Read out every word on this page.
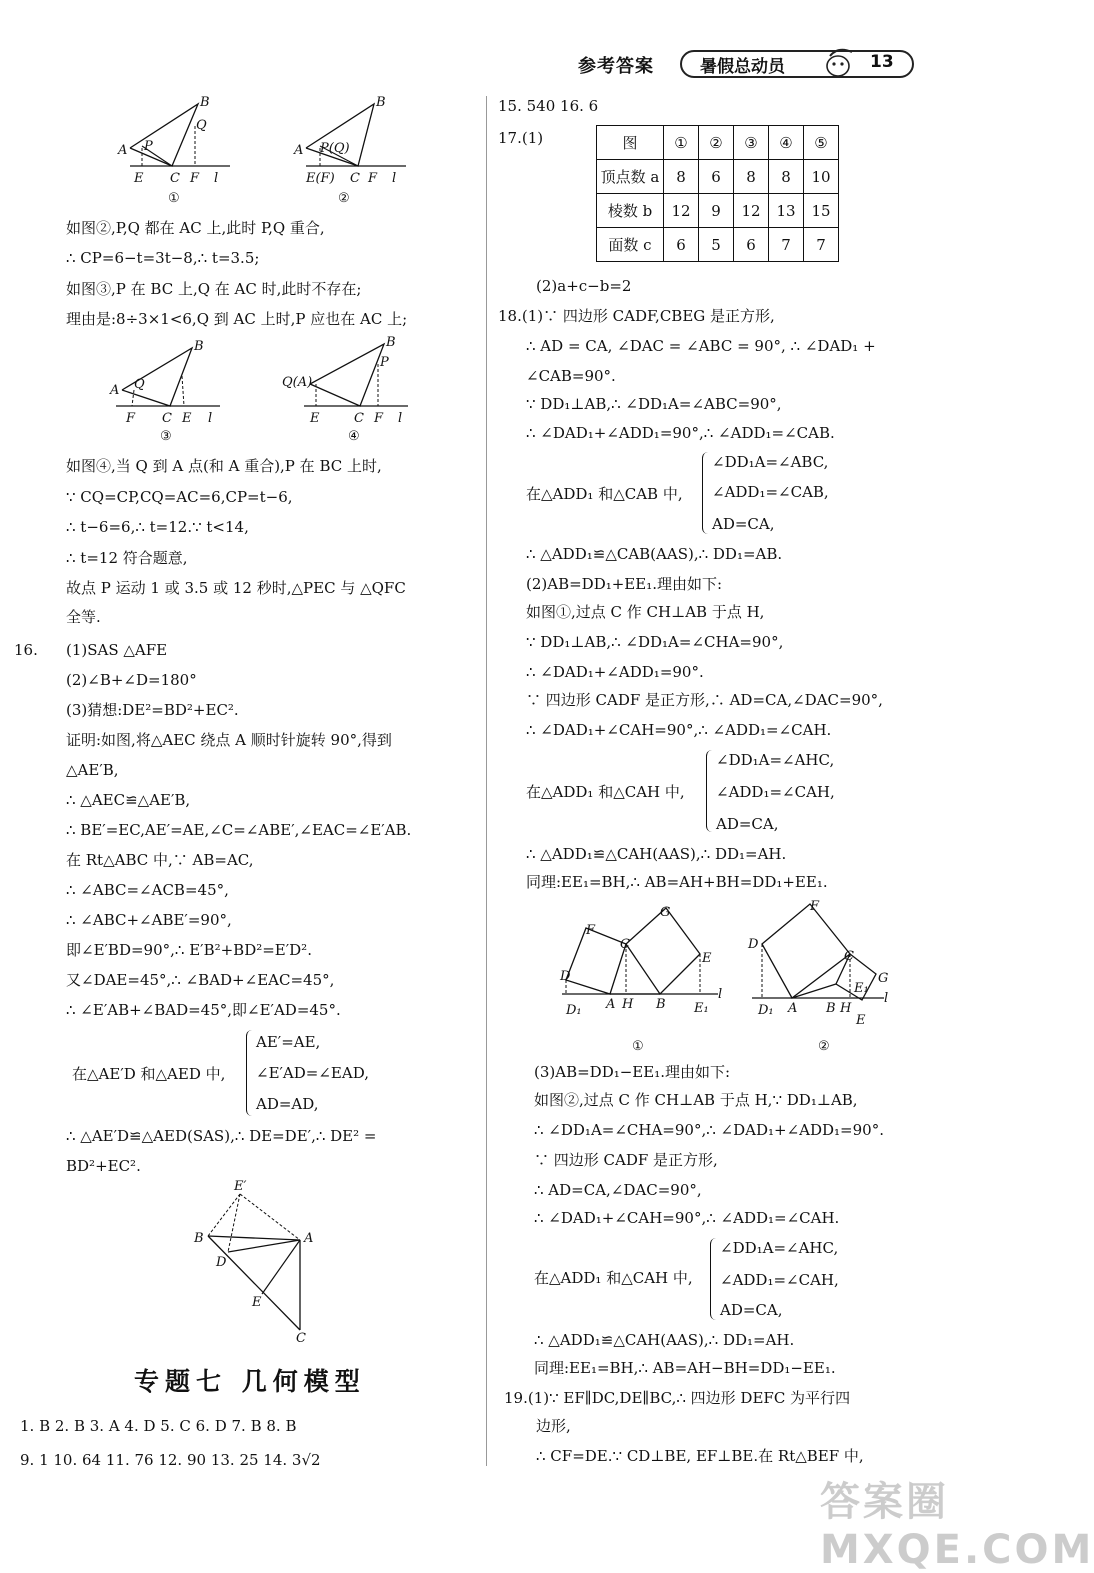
参考答案	暑假总动员	13
A
B
Q
P
E C F l
①
A
B
P(Q)
E(F) C F l
②
如图②,P,Q 都在 AC 上,此时 P,Q 重合,
∴ CP=6−t=3t−8,∴ t=3.5;
如图③,P 在 BC 上,Q 在 AC 时,此时不存在;
理由是:8÷3×1<6,Q 到 AC 上时,P 应也在 AC 上;
A
B
Q
F C E l
③
Q(A)
B
P
E	C F l
④
如图④,当 Q 到 A 点(和 A 重合),P 在 BC 上时,
∵ CQ=CP,CQ=AC=6,CP=t−6,
∴ t−6=6,∴ t=12.∵ t<14,
∴ t=12 符合题意,
故点 P 运动 1 或 3.5 或 12 秒时,△PEC 与 △QFC
全等.
16. (1)SAS △AFE
(2)∠B+∠D=180°
(3)猜想:DE²=BD²+EC².
证明:如图,将△AEC 绕点 A 顺时针旋转 90°,得到
△AE′B,
∴ △AEC≌△AE′B,
∴ BE′=EC,AE′=AE,∠C=∠ABE′,∠EAC=∠E′AB.
在 Rt△ABC 中,∵ AB=AC,
∴ ∠ABC=∠ACB=45°,
∴ ∠ABC+∠ABE′=90°,
即∠E′BD=90°,∴ E′B²+BD²=E′D².
又∠DAE=45°,∴ ∠BAD+∠EAC=45°,
∴ ∠E′AB+∠BAD=45°,即∠E′AD=45°.
在△AE′D 和△AED 中,
AE′=AE,
∠E′AD=∠EAD,
AD=AD,
∴ △AE′D≌△AED(SAS),∴ DE=DE′,∴ DE² =
BD²+EC².
E′
B	A
D
E
C
专题七 几何模型
1. B 2. B 3. A 4. D 5. C 6. D 7. B 8. B
9. 1 10. 64 11. 76 12. 90 13. 25 14. 3√2
15. 540 16. 6
17.(1)	图	①	②	③	④	⑤
顶点数 a	8	6	8	8	10
棱数 b	12	9	12	13	15
面数 c	6	5	6	7	7
(2)a+c−b=2
18.(1)∵ 四边形 CADF,CBEG 是正方形,
∴ AD = CA, ∠DAC = ∠ABC = 90°, ∴ ∠DAD₁ +
∠CAB=90°.
∵ DD₁⊥AB,∴ ∠DD₁A=∠ABC=90°,
∴ ∠DAD₁+∠ADD₁=90°,∴ ∠ADD₁=∠CAB.
在△ADD₁ 和△CAB 中,
∠DD₁A=∠ABC,
∠ADD₁=∠CAB,
AD=CA,
∴ △ADD₁≌△CAB(AAS),∴ DD₁=AB.
(2)AB=DD₁+EE₁.理由如下:
如图①,过点 C 作 CH⊥AB 于点 H,
∵ DD₁⊥AB,∴ ∠DD₁A=∠CHA=90°,
∴ ∠DAD₁+∠ADD₁=90°.
∵ 四边形 CADF 是正方形,∴ AD=CA,∠DAC=90°,
∴ ∠DAD₁+∠CAH=90°,∴ ∠ADD₁=∠CAH.
在△ADD₁ 和△CAH 中,
∠DD₁A=∠AHC,
∠ADD₁=∠CAH,
AD=CA,
∴ △ADD₁≌△CAH(AAS),∴ DD₁=AH.
同理:EE₁=BH,∴ AB=AH+BH=DD₁+EE₁.
F
G
C
E
D
D₁ A H B E₁
l
①
F
D
C
G
E₁
D₁ A B H
E
l
②
(3)AB=DD₁−EE₁.理由如下:
如图②,过点 C 作 CH⊥AB 于点 H,∵ DD₁⊥AB,
∴ ∠DD₁A=∠CHA=90°,∴ ∠DAD₁+∠ADD₁=90°.
∵ 四边形 CADF 是正方形,
∴ AD=CA,∠DAC=90°,
∴ ∠DAD₁+∠CAH=90°,∴ ∠ADD₁=∠CAH.
在△ADD₁ 和△CAH 中,
∠DD₁A=∠AHC,
∠ADD₁=∠CAH,
AD=CA,
∴ △ADD₁≌△CAH(AAS),∴ DD₁=AH.
同理:EE₁=BH,∴ AB=AH−BH=DD₁−EE₁.
19.(1)∵ EF∥DC,DE∥BC,∴ 四边形 DEFC 为平行四
边形,
∴ CF=DE.∵ CD⊥BE, EF⊥BE.在 Rt△BEF 中,
答案圈 MXQE.COM
